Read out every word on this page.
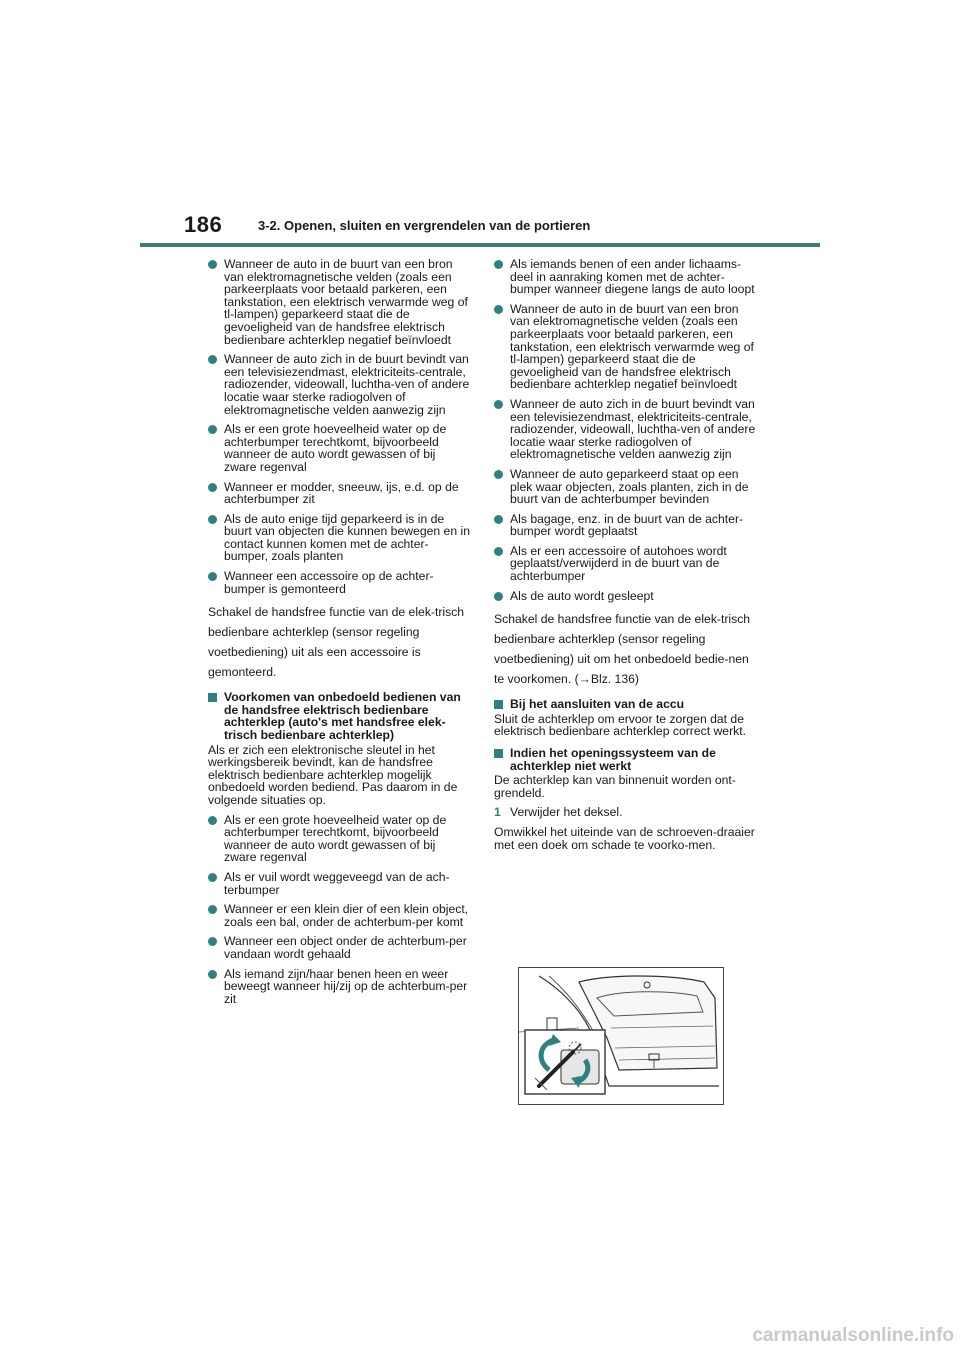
186	3-2. Openen, sluiten en vergrendelen van de portieren
Wanneer de auto in de buurt van een bron van elektromagnetische velden (zoals een parkeerplaats voor betaald parkeren, een tankstation, een elektrisch verwarmde weg of tl-lampen) geparkeerd staat die de gevoeligheid van de handsfree elektrisch bedienbare achterklep negatief beïnvloedt
Wanneer de auto zich in de buurt bevindt van een televisiezendmast, elektriciteits-centrale, radiozender, videowall, luchtha-ven of andere locatie waar sterke radiogolven of elektromagnetische velden aanwezig zijn
Als er een grote hoeveelheid water op de achterbumper terechtkomt, bijvoorbeeld wanneer de auto wordt gewassen of bij zware regenval
Wanneer er modder, sneeuw, ijs, e.d. op de achterbumper zit
Als de auto enige tijd geparkeerd is in de buurt van objecten die kunnen bewegen en in contact kunnen komen met de achter-bumper, zoals planten
Wanneer een accessoire op de achter-bumper is gemonteerd
Schakel de handsfree functie van de elek-trisch bedienbare achterklep (sensor regeling voetbediening) uit als een accessoire is gemonteerd.
Voorkomen van onbedoeld bedienen van de handsfree elektrisch bedienbare achterklep (auto's met handsfree elek-trisch bedienbare achterklep)
Als er zich een elektronische sleutel in het werkingsbereik bevindt, kan de handsfree elektrisch bedienbare achterklep mogelijk onbedoeld worden bediend. Pas daarom in de volgende situaties op.
Als er een grote hoeveelheid water op de achterbumper terechtkomt, bijvoorbeeld wanneer de auto wordt gewassen of bij zware regenval
Als er vuil wordt weggeveegd van de ach-terbumper
Wanneer er een klein dier of een klein object, zoals een bal, onder de achterbum-per komt
Wanneer een object onder de achterbum-per vandaan wordt gehaald
Als iemand zijn/haar benen heen en weer beweegt wanneer hij/zij op de achterbum-per zit
Als iemands benen of een ander lichaams-deel in aanraking komen met de achter-bumper wanneer diegene langs de auto loopt
Wanneer de auto in de buurt van een bron van elektromagnetische velden (zoals een parkeerplaats voor betaald parkeren, een tankstation, een elektrisch verwarmde weg of tl-lampen) geparkeerd staat die de gevoeligheid van de handsfree elektrisch bedienbare achterklep negatief beïnvloedt
Wanneer de auto zich in de buurt bevindt van een televisiezendmast, elektriciteits-centrale, radiozender, videowall, luchtha-ven of andere locatie waar sterke radiogolven of elektromagnetische velden aanwezig zijn
Wanneer de auto geparkeerd staat op een plek waar objecten, zoals planten, zich in de buurt van de achterbumper bevinden
Als bagage, enz. in de buurt van de achter-bumper wordt geplaatst
Als er een accessoire of autohoes wordt geplaatst/verwijderd in de buurt van de achterbumper
Als de auto wordt gesleept
Schakel de handsfree functie van de elek-trisch bedienbare achterklep (sensor regeling voetbediening) uit om het onbedoeld bedie-nen te voorkomen. (→Blz. 136)
Bij het aansluiten van de accu
Sluit de achterklep om ervoor te zorgen dat de elektrisch bedienbare achterklep correct werkt.
Indien het openingssysteem van de achterklep niet werkt
De achterklep kan van binnenuit worden ont-grendeld.
1 Verwijder het deksel.
Omwikkel het uiteinde van de schroeven-draaier met een doek om schade te voorko-men.
carmanualsonline.info
